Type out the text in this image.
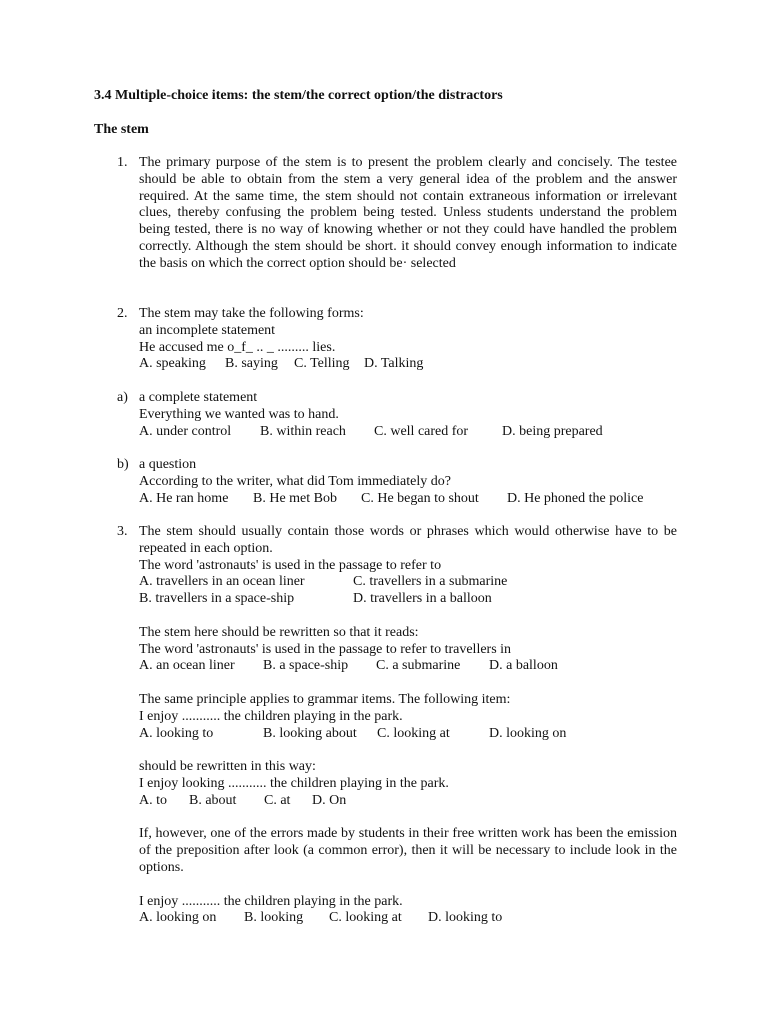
3.4 Multiple-choice items: the stem/the correct option/the distractors
The stem
1. The primary purpose of the stem is to present the problem clearly and concisely. The testee should be able to obtain from the stem a very general idea of the problem and the answer required. At the same time, the stem should not contain extraneous information or irrelevant clues, thereby confusing the problem being tested. Unless students understand the problem being tested, there is no way of knowing whether or not they could have handled the problem correctly. Although the stem should be short. it should convey enough information to indicate the basis on which the correct option should be· selected
2. The stem may take the following forms:
an incomplete statement
He accused me o_f_ .. _ ......... lies.
A. speaking B. saying C. Telling D. Talking
a) a complete statement
Everything we wanted was to hand.
A. under control B. within reach C. well cared for D. being prepared
b) a question
According to the writer, what did Tom immediately do?
A. He ran home B. He met Bob C. He began to shout D. He phoned the police
3. The stem should usually contain those words or phrases which would otherwise have to be repeated in each option.
The word 'astronauts' is used in the passage to refer to
A. travellers in an ocean liner	C. travellers in a submarine
B. travellers in a space-ship	D. travellers in a balloon
The stem here should be rewritten so that it reads:
The word 'astronauts' is used in the passage to refer to travellers in
A. an ocean liner B. a space-ship C. a submarine D. a balloon
The same principle applies to grammar items. The following item:
I enjoy ........... the children playing in the park.
A. looking to	B. looking about C. looking at	D. looking on
should be rewritten in this way:
I enjoy looking ........... the children playing in the park.
A. to B. about C. at D. On
If, however, one of the errors made by students in their free written work has been the emission of the preposition after look (a common error), then it will be necessary to include look in the options.
I enjoy ........... the children playing in the park.
A. looking on B. looking C. looking at D. looking to
